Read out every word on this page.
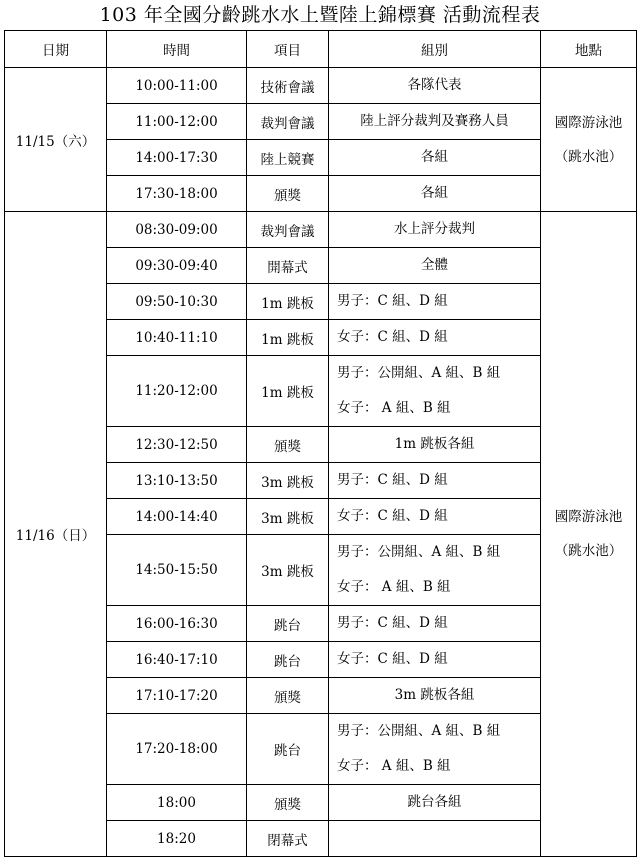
103 年全國分齡跳水水上暨陸上錦標賽 活動流程表
日期	時間	項目	組別	地點
11/15（六）	10:00-11:00	技術會議	各隊代表	國際游泳池
（跳水池）

	11:00-12:00	裁判會議	陸上評分裁判及賽務人員	

	14:00-17:30	陸上競賽	各組	

	17:30-18:00	頒獎	各組	

11/16（日）	08:30-09:00	裁判會議	水上評分裁判	國際游泳池
（跳水池）

	09:30-09:40	開幕式	全體	

	09:50-10:30	1m 跳板	男子：C 組、D 組	

	10:40-11:10	1m 跳板	女子：C 組、D 組	

	11:20-12:00	1m 跳板	男子：公開組、A 組、B 組
女子： A 組、B 組	

	12:30-12:50	頒獎	1m 跳板各組	

	13:10-13:50	3m 跳板	男子：C 組、D 組	

	14:00-14:40	3m 跳板	女子：C 組、D 組	

	14:50-15:50	3m 跳板	男子：公開組、A 組、B 組
女子： A 組、B 組	

	16:00-16:30	跳台	男子：C 組、D 組	

	16:40-17:10	跳台	女子：C 組、D 組	

	17:10-17:20	頒獎	3m 跳板各組	

	17:20-18:00	跳台	男子：公開組、A 組、B 組
女子： A 組、B 組	

	18:00	頒獎	跳台各組	

	18:20	閉幕式		
